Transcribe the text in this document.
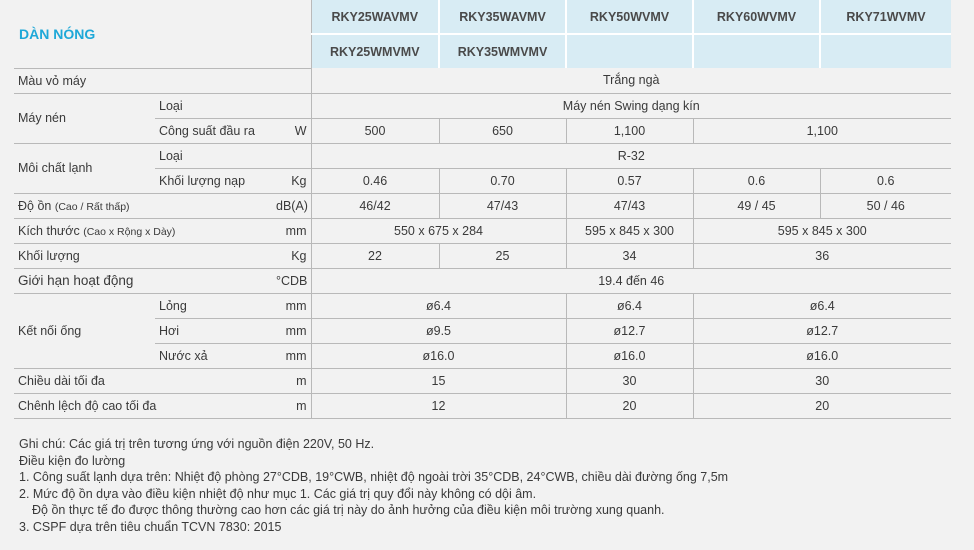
DÀN NÓNG			RKY25WAVMV	RKY35WAVMV	RKY50WVMV	RKY60WVMV	RKY71WVMV
			RKY25WMVMV	RKY35WMVMV			
Màu vỏ máy			Trắng ngà				
Máy nén	Loại		Máy nén Swing dạng kín				
	Công suất đầu ra	W	500	650	1,100	1,100	
Môi chất lạnh	Loại		R-32				
	Khối lượng nạp	Kg	0.46	0.70	0.57	0.6	0.6
Độ ồn (Cao / Rất thấp)		dB(A)	46/42	47/43	47/43	49 / 45	50 / 46
Kích thước (Cao x Rộng x Dày)		mm	550 x 675 x 284		595 x 845 x 300	595 x 845 x 300	
Khối lượng		Kg	22	25	34	36	
Giới hạn hoạt động		°CDB	19.4 đến 46				
Kết nối ống	Lỏng	mm	ø6.4		ø6.4	ø6.4	
	Hơi	mm	ø9.5		ø12.7	ø12.7	
	Nước xả	mm	ø16.0		ø16.0	ø16.0	
Chiều dài tối đa		m	15		30	30	
Chênh lệch độ cao tối đa		m	12		20	20	
Ghi chú: Các giá trị trên tương ứng với nguồn điện 220V, 50 Hz.
Điều kiện đo lường
1. Công suất lạnh dựa trên: Nhiệt độ phòng 27°CDB, 19°CWB, nhiệt độ ngoài trời 35°CDB, 24°CWB, chiều dài đường ống 7,5m
2. Mức độ ồn dựa vào điều kiện nhiệt độ như mục 1. Các giá trị quy đổi này không có dội âm.
Độ ồn thực tế đo được thông thường cao hơn các giá trị này do ảnh hưởng của điều kiện môi trường xung quanh.
3. CSPF dựa trên tiêu chuẩn TCVN 7830: 2015
